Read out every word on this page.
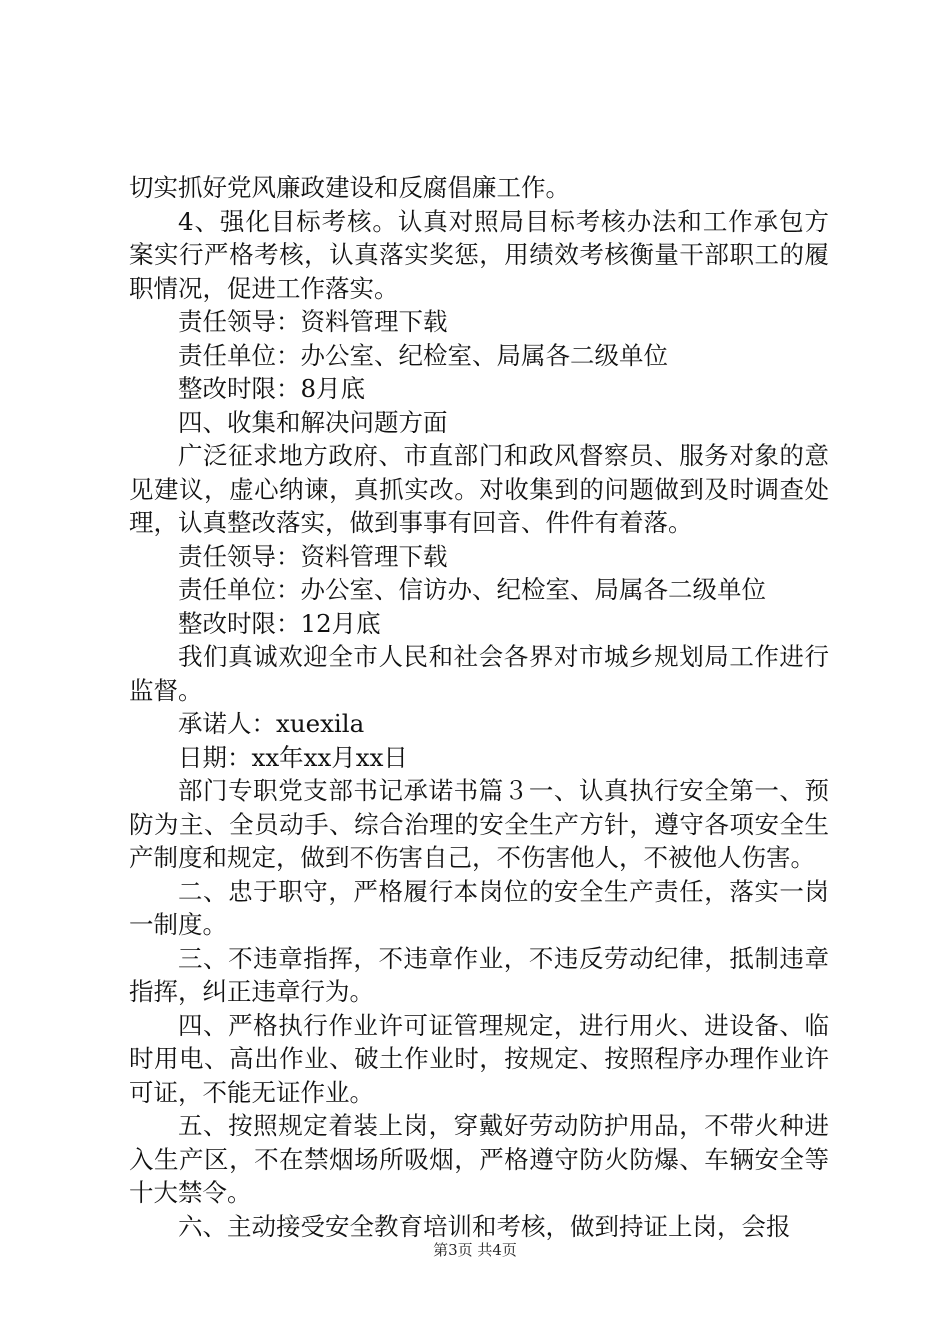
切实抓好党风廉政建设和反腐倡廉工作。

4、强化目标考核。认真对照局目标考核办法和工作承包方案实行严格考核，认真落实奖惩，用绩效考核衡量干部职工的履职情况，促进工作落实。

责任领导：资料管理下载

责任单位：办公室、纪检室、局属各二级单位

整改时限：8月底

四、收集和解决问题方面

广泛征求地方政府、市直部门和政风督察员、服务对象的意见建议，虚心纳谏，真抓实改。对收集到的问题做到及时调查处理，认真整改落实，做到事事有回音、件件有着落。

责任领导：资料管理下载

责任单位：办公室、信访办、纪检室、局属各二级单位

整改时限：12月底

我们真诚欢迎全市人民和社会各界对市城乡规划局工作进行监督。

承诺人：xuexila

日期：xx年xx月xx日

部门专职党支部书记承诺书篇３一、认真执行安全第一、预防为主、全员动手、综合治理的安全生产方针，遵守各项安全生产制度和规定，做到不伤害自己，不伤害他人，不被他人伤害。

二、忠于职守，严格履行本岗位的安全生产责任，落实一岗一制度。

三、不违章指挥，不违章作业，不违反劳动纪律，抵制违章指挥，纠正违章行为。

四、严格执行作业许可证管理规定，进行用火、进设备、临时用电、高出作业、破土作业时，按规定、按照程序办理作业许可证，不能无证作业。

五、按照规定着装上岗，穿戴好劳动防护用品，不带火种进入生产区，不在禁烟场所吸烟，严格遵守防火防爆、车辆安全等十大禁令。

六、主动接受安全教育培训和考核，做到持证上岗，会报

第3页 共4页
